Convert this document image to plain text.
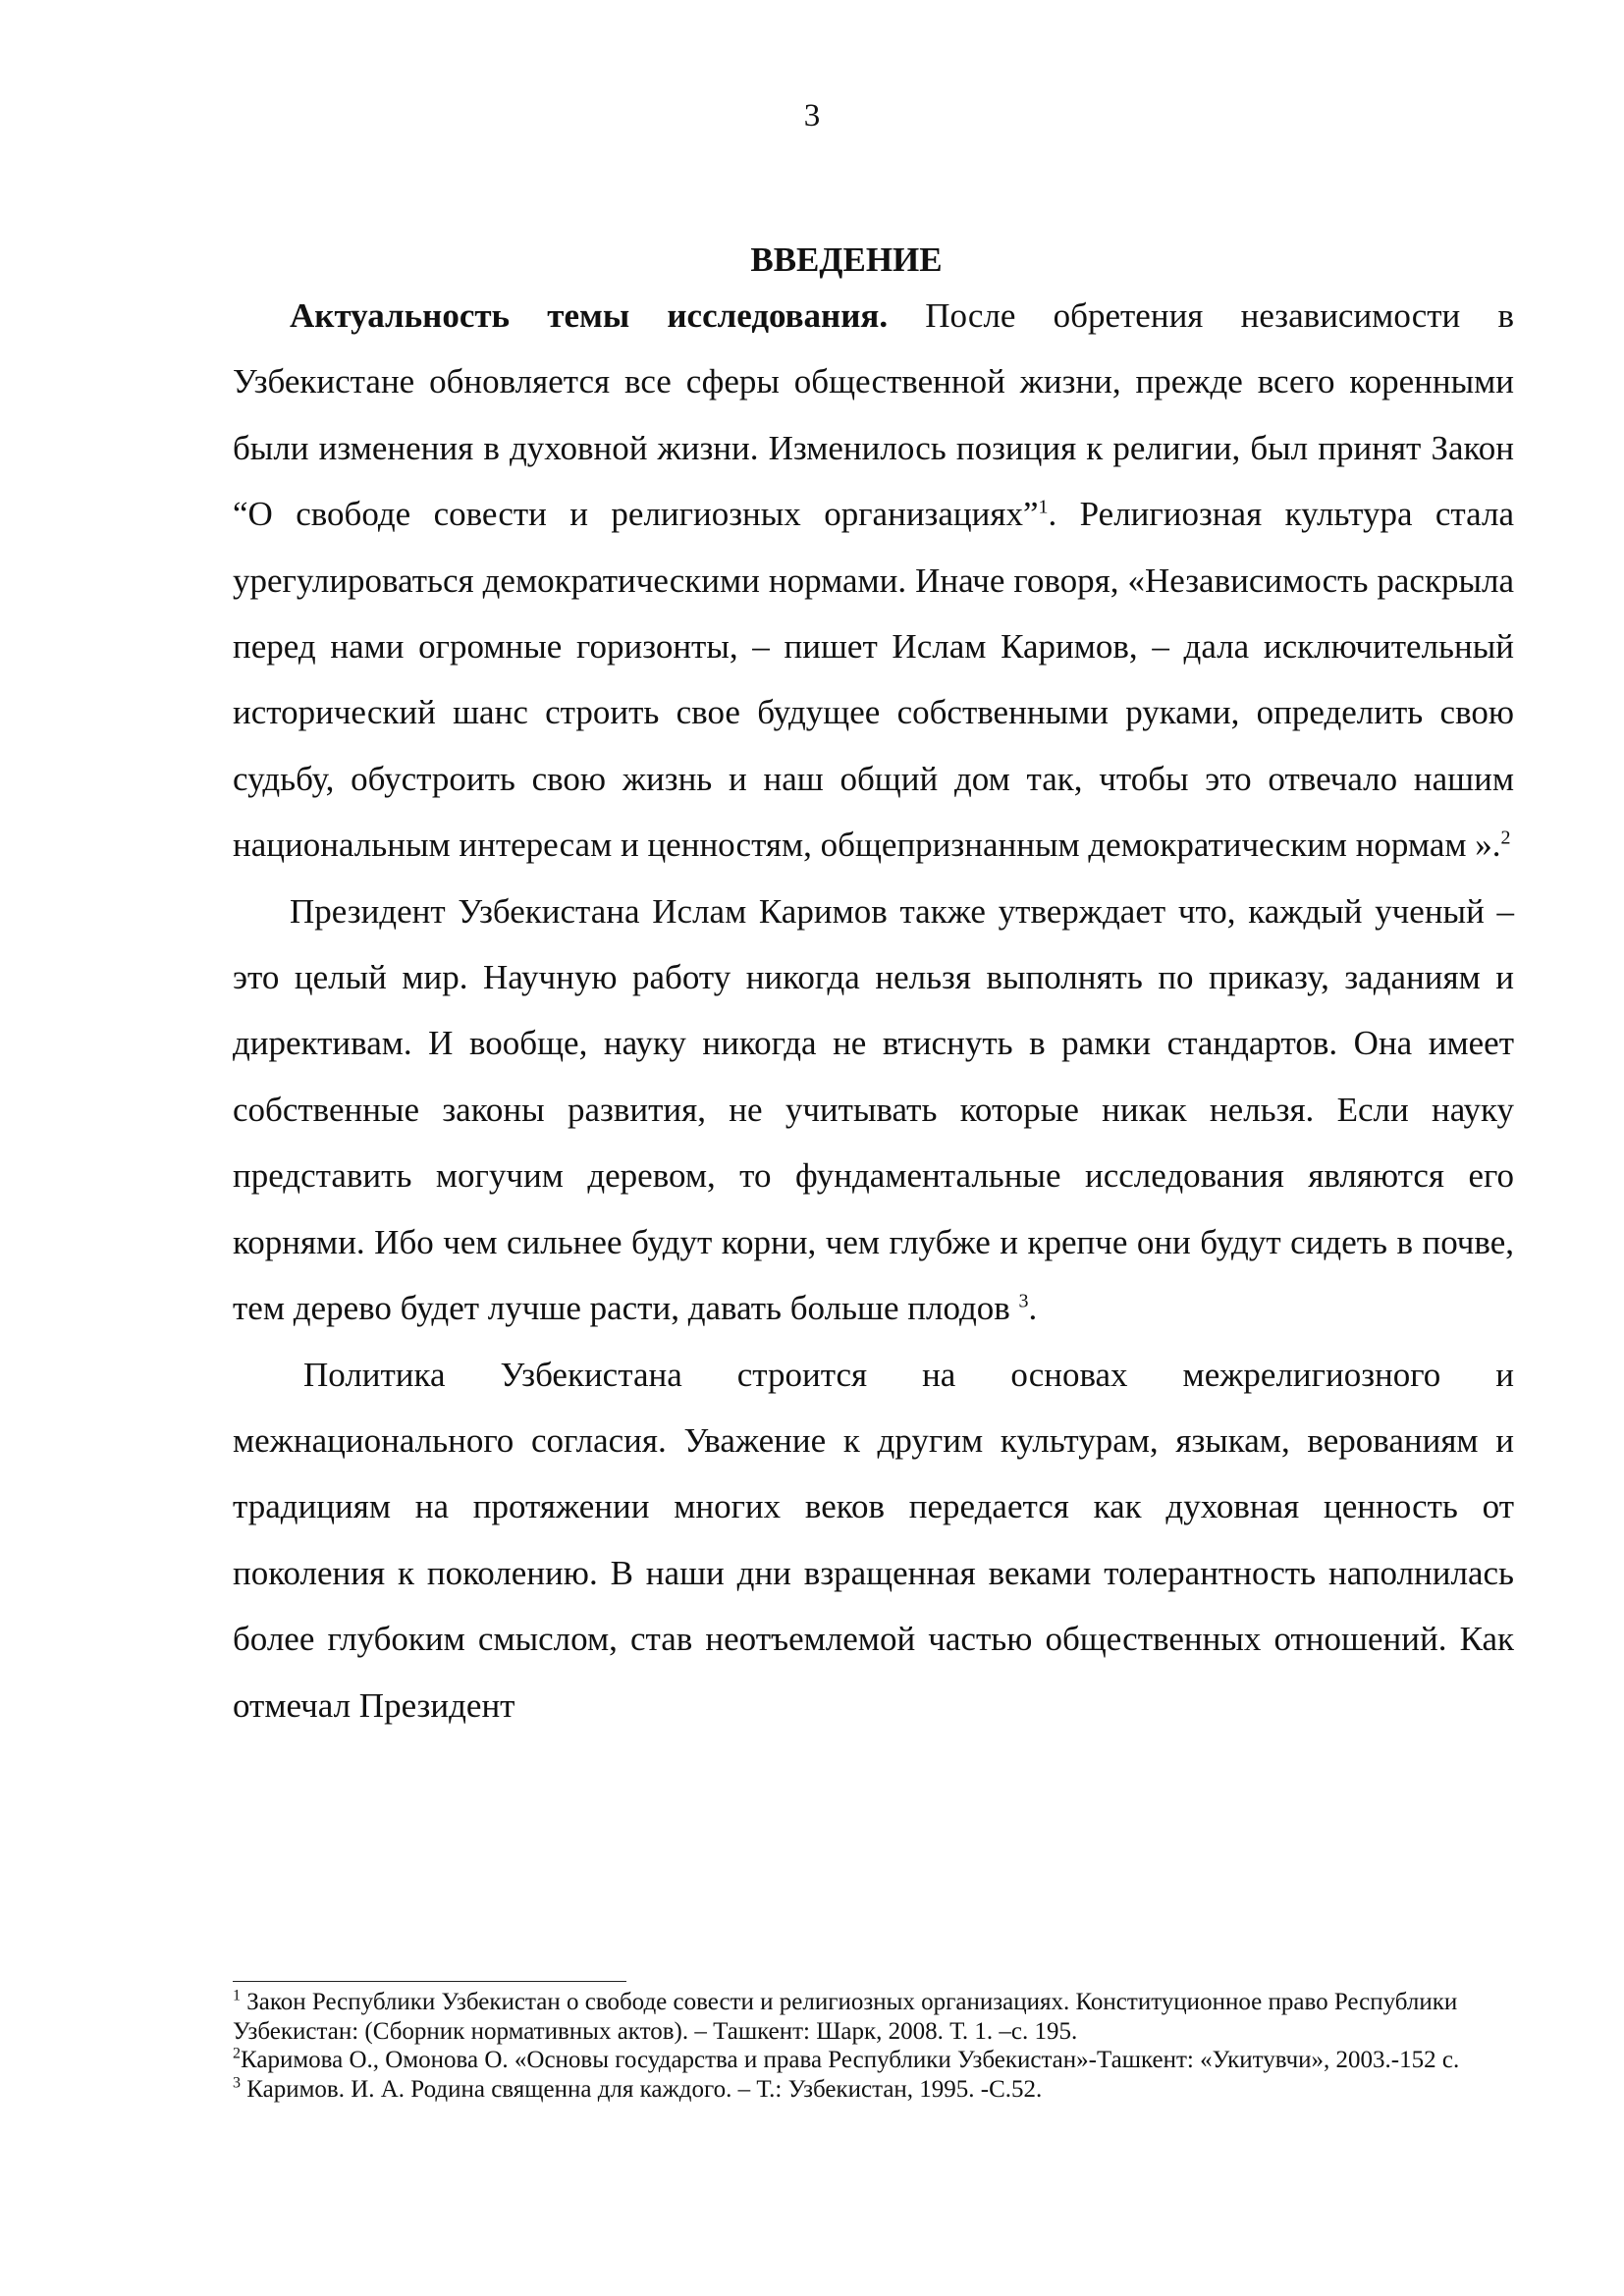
3
ВВЕДЕНИЕ

Актуальность темы исследования. После обретения независимости в Узбекистане обновляется все сферы общественной жизни, прежде всего коренными были изменения в духовной жизни. Изменилось позиция к религии, был принят Закон “О свободе совести и религиозных организациях”$^1$. Религиозная культура стала урегулироваться демократическими нормами. Иначе говоря, «Независимость раскрыла перед нами огромные горизонты, – пишет Ислам Каримов, – дала исключительный исторический шанс строить свое будущее собственными руками, определить свою судьбу, обустроить свою жизнь и наш общий дом так, чтобы это отвечало нашим национальным интересам и ценностям, общепризнанным демократическим нормам ».$^2$

Президент Узбекистана Ислам Каримов также утверждает что, каждый ученый – это целый мир. Научную работу никогда нельзя выполнять по приказу, заданиям и директивам. И вообще, науку никогда не втиснуть в рамки стандартов. Она имеет собственные законы развития, не учитывать которые никак нельзя. Если науку представить могучим деревом, то фундаментальные исследования являются его корнями. Ибо чем сильнее будут корни, чем глубже и крепче они будут сидеть в почве, тем дерево будет лучше расти, давать больше плодов $^3$.

Политика Узбекистана строится на основах межрелигиозного и межнационального согласия. Уважение к другим культурам, языкам, верованиям и традициям на протяжении многих веков передается как духовная ценность от поколения к поколению. В наши дни взращенная веками толерантность наполнилась более глубоким смыслом, став неотъемлемой частью общественных отношений. Как отмечал Президент

$^1$ Закон Республики Узбекистан о свободе совести и религиозных организациях. Конституционное право Республики Узбекистан: (Сборник нормативных актов). – Ташкент: Шарк, 2008. Т. 1. –с. 195.

$^2$Каримова О., Омонова О. «Основы государства и права Республики Узбекистан»-Ташкент: «Укитувчи», 2003.-152 с.

$^3$ Каримов. И. А. Родина священна для каждого. – Т.: Узбекистан, 1995. -С.52.
